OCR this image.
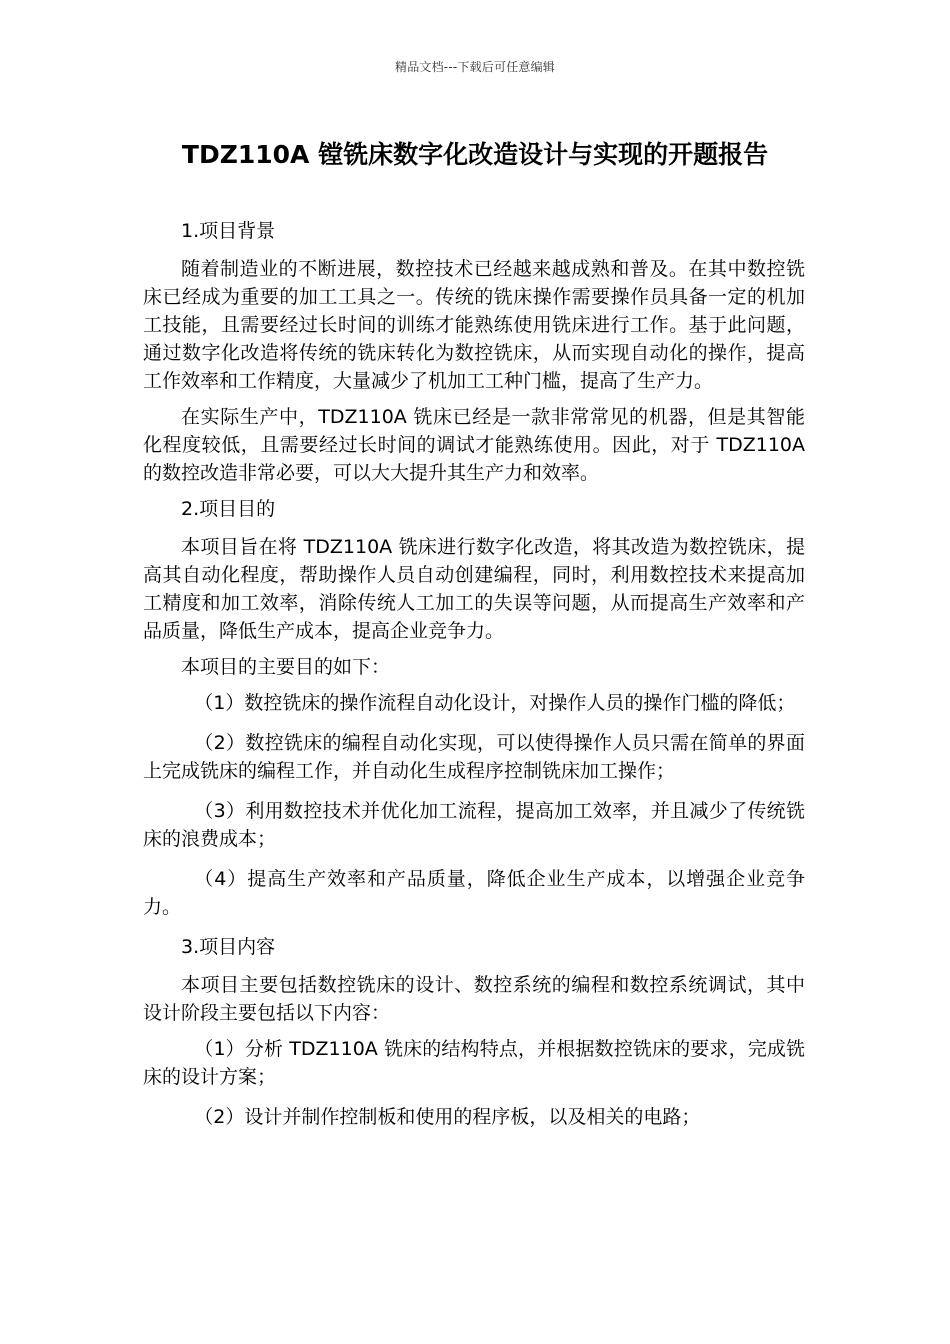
精品文档---下载后可任意编辑
TDZ110A 镗铣床数字化改造设计与实现的开题报告

1.项目背景

随着制造业的不断进展，数控技术已经越来越成熟和普及。在其中数控铣床已经成为重要的加工工具之一。传统的铣床操作需要操作员具备一定的机加工技能，且需要经过长时间的训练才能熟练使用铣床进行工作。基于此问题，通过数字化改造将传统的铣床转化为数控铣床，从而实现自动化的操作，提高工作效率和工作精度，大量减少了机加工工种门槛，提高了生产力。

在实际生产中，TDZ110A 铣床已经是一款非常常见的机器，但是其智能化程度较低，且需要经过长时间的调试才能熟练使用。因此，对于 TDZ110A 的数控改造非常必要，可以大大提升其生产力和效率。

2.项目目的

本项目旨在将 TDZ110A 铣床进行数字化改造，将其改造为数控铣床，提高其自动化程度，帮助操作人员自动创建编程，同时，利用数控技术来提高加工精度和加工效率，消除传统人工加工的失误等问题，从而提高生产效率和产品质量，降低生产成本，提高企业竞争力。

本项目的主要目的如下：

（1）数控铣床的操作流程自动化设计，对操作人员的操作门槛的降低；

（2）数控铣床的编程自动化实现，可以使得操作人员只需在简单的界面上完成铣床的编程工作，并自动化生成程序控制铣床加工操作；

（3）利用数控技术并优化加工流程，提高加工效率，并且减少了传统铣床的浪费成本；

（4）提高生产效率和产品质量，降低企业生产成本，以增强企业竞争力。

3.项目内容

本项目主要包括数控铣床的设计、数控系统的编程和数控系统调试，其中设计阶段主要包括以下内容：

（1）分析 TDZ110A 铣床的结构特点，并根据数控铣床的要求，完成铣床的设计方案；

（2）设计并制作控制板和使用的程序板，以及相关的电路；
